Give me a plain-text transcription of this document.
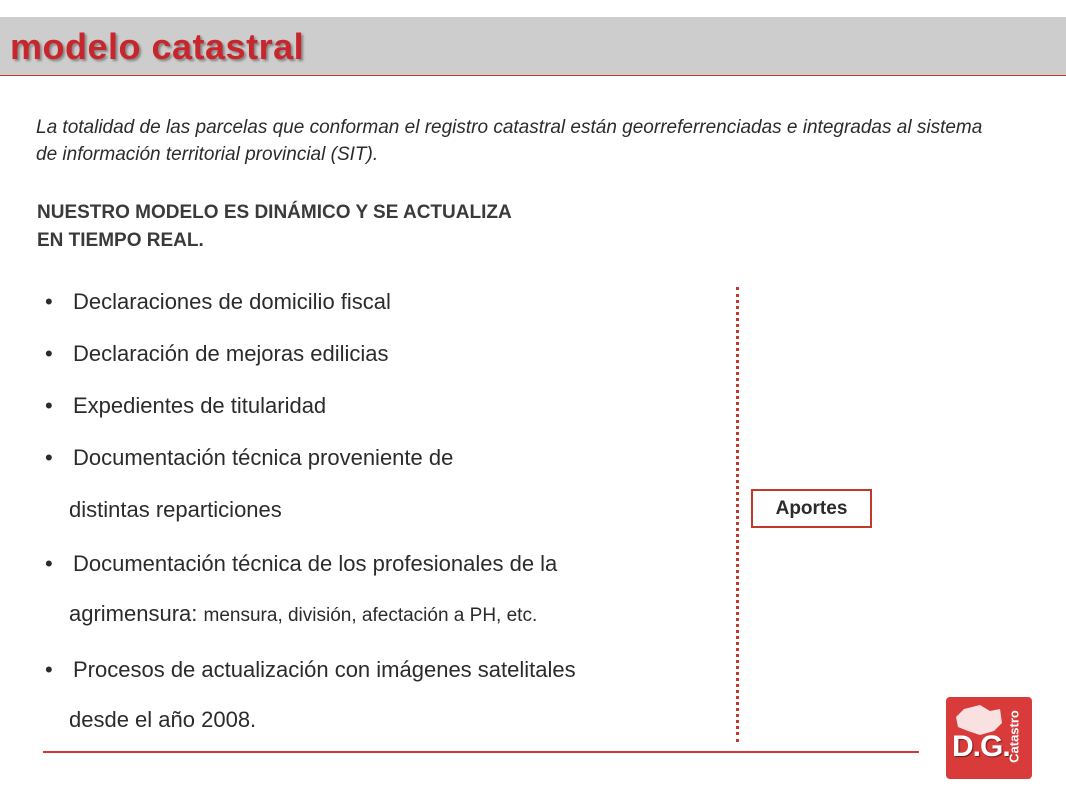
modelo catastral
La totalidad de las parcelas que conforman el registro catastral están georreferrenciadas e integradas al sistema de información territorial provincial (SIT).
NUESTRO MODELO ES DINÁMICO Y SE ACTUALIZA
EN TIEMPO REAL.
• Declaraciones de domicilio fiscal
• Declaración de mejoras edilicias
• Expedientes de titularidad
• Documentación técnica proveniente de
distintas reparticiones
• Documentación técnica de los profesionales de la
agrimensura: mensura, división, afectación a PH, etc.
• Procesos de actualización con imágenes satelitales
desde el año 2008.
Aportes
D.G.
Catastro
